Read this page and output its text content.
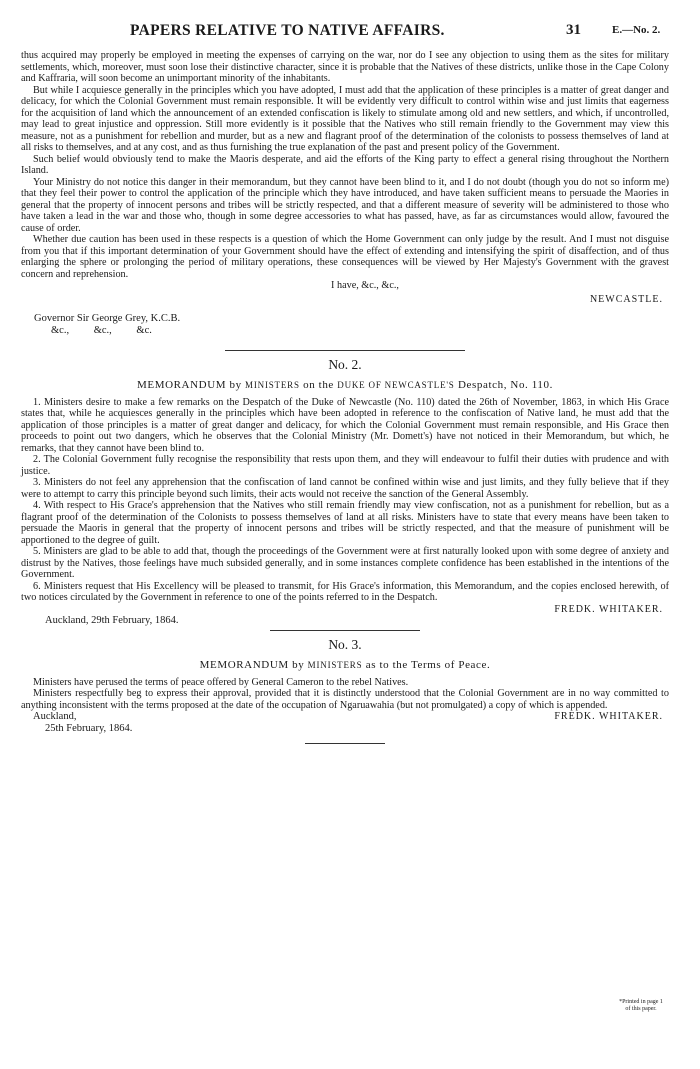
PAPERS RELATIVE TO NATIVE AFFAIRS.	31	E.—No. 2.

thus acquired may properly be employed in meeting the expenses of carrying on the war, nor do I see any objection to using them as the sites for military settlements, which, moreover, must soon lose their distinctive character, since it is probable that the Natives of these districts, unlike those in the Cape Colony and Kaffraria, will soon become an unimportant minority of the inhabitants.

But while I acquiesce generally in the principles which you have adopted, I must add that the application of these principles is a matter of great danger and delicacy, for which the Colonial Government must remain responsible. It will be evidently very difficult to control within wise and just limits that eagerness for the acquisition of land which the announcement of an extended confiscation is likely to stimulate among old and new settlers, and which, if uncontrolled, may lead to great injustice and oppression. Still more evidently is it possible that the Natives who still remain friendly to the Government may view this measure, not as a punishment for rebellion and murder, but as a new and flagrant proof of the determination of the colonists to possess themselves of land at all risks to themselves, and at any cost, and as thus furnishing the true explanation of the past and present policy of the Government.

Such belief would obviously tend to make the Maoris desperate, and aid the efforts of the King party to effect a general rising throughout the Northern Island.

Your Ministry do not notice this danger in their memorandum, but they cannot have been blind to it, and I do not doubt (though you do not so inform me) that they feel their power to control the application of the principle which they have introduced, and have taken sufficient means to persuade the Maories in general that the property of innocent persons and tribes will be strictly respected, and that a different measure of severity will be administered to those who have taken a lead in the war and those who, though in some degree accessories to what has passed, have, as far as circumstances would allow, favoured the cause of order.

Whether due caution has been used in these respects is a question of which the Home Government can only judge by the result. And I must not disguise from you that if this important determination of your Government should have the effect of extending and intensifying the spirit of disaffection, and of thus enlarging the sphere or prolonging the period of military operations, these consequences will be viewed by Her Majesty's Government with the gravest concern and reprehension.

I have, &c., &c.,

NEWCASTLE.

Governor Sir George Grey, K.C.B.
&c., &c., &c.
No. 2.
MEMORANDUM by MINISTERS on the DUKE OF NEWCASTLE'S Despatch, No. 110.

1. Ministers desire to make a few remarks on the Despatch of the Duke of Newcastle (No. 110) dated the 26th of November, 1863, in which His Grace states that, while he acquiesces generally in the principles which have been adopted in reference to the confiscation of Native land, he must add that the application of those principles is a matter of great danger and delicacy, for which the Colonial Government must remain responsible, and His Grace then proceeds to point out two dangers, which he observes that the Colonial Ministry (Mr. Domett's) have not noticed in their Memorandum, but which, he remarks, that they cannot have been blind to.

2. The Colonial Government fully recognise the responsibility that rests upon them, and they will endeavour to fulfil their duties with prudence and with justice.

3. Ministers do not feel any apprehension that the confiscation of land cannot be confined within wise and just limits, and they fully believe that if they were to attempt to carry this principle beyond such limits, their acts would not receive the sanction of the General Assembly.

4. With respect to His Grace's apprehension that the Natives who still remain friendly may view confiscation, not as a punishment for rebellion, but as a flagrant proof of the determination of the Colonists to possess themselves of land at all risks. Ministers have to state that every means have been taken to persuade the Maoris in general that the property of innocent persons and tribes will be strictly respected, and that the measure of punishment will be apportioned to the degree of guilt.

5. Ministers are glad to be able to add that, though the proceedings of the Government were at first naturally looked upon with some degree of anxiety and distrust by the Natives, those feelings have much subsided generally, and in some instances complete confidence has been established in the intentions of the Government.

6. Ministers request that His Excellency will be pleased to transmit, for His Grace's information, this Memorandum, and the copies enclosed herewith, of two notices circulated by the Government in reference to one of the points referred to in the Despatch.

FREDK. WHITAKER.

Auckland, 29th February, 1864.

No. 3.
MEMORANDUM by MINISTERS as to the Terms of Peace.

Ministers have perused the terms of peace offered by General Cameron to the rebel Natives.

Ministers respectfully beg to express their approval, provided that it is distinctly understood that the Colonial Government are in no way committed to anything inconsistent with the terms proposed at the date of the occupation of Ngaruawahia (but not promulgated) a copy of which is appended.

Auckland,	FREDK. WHITAKER.
25th February, 1864.
*Printed in page 1 of this paper.
